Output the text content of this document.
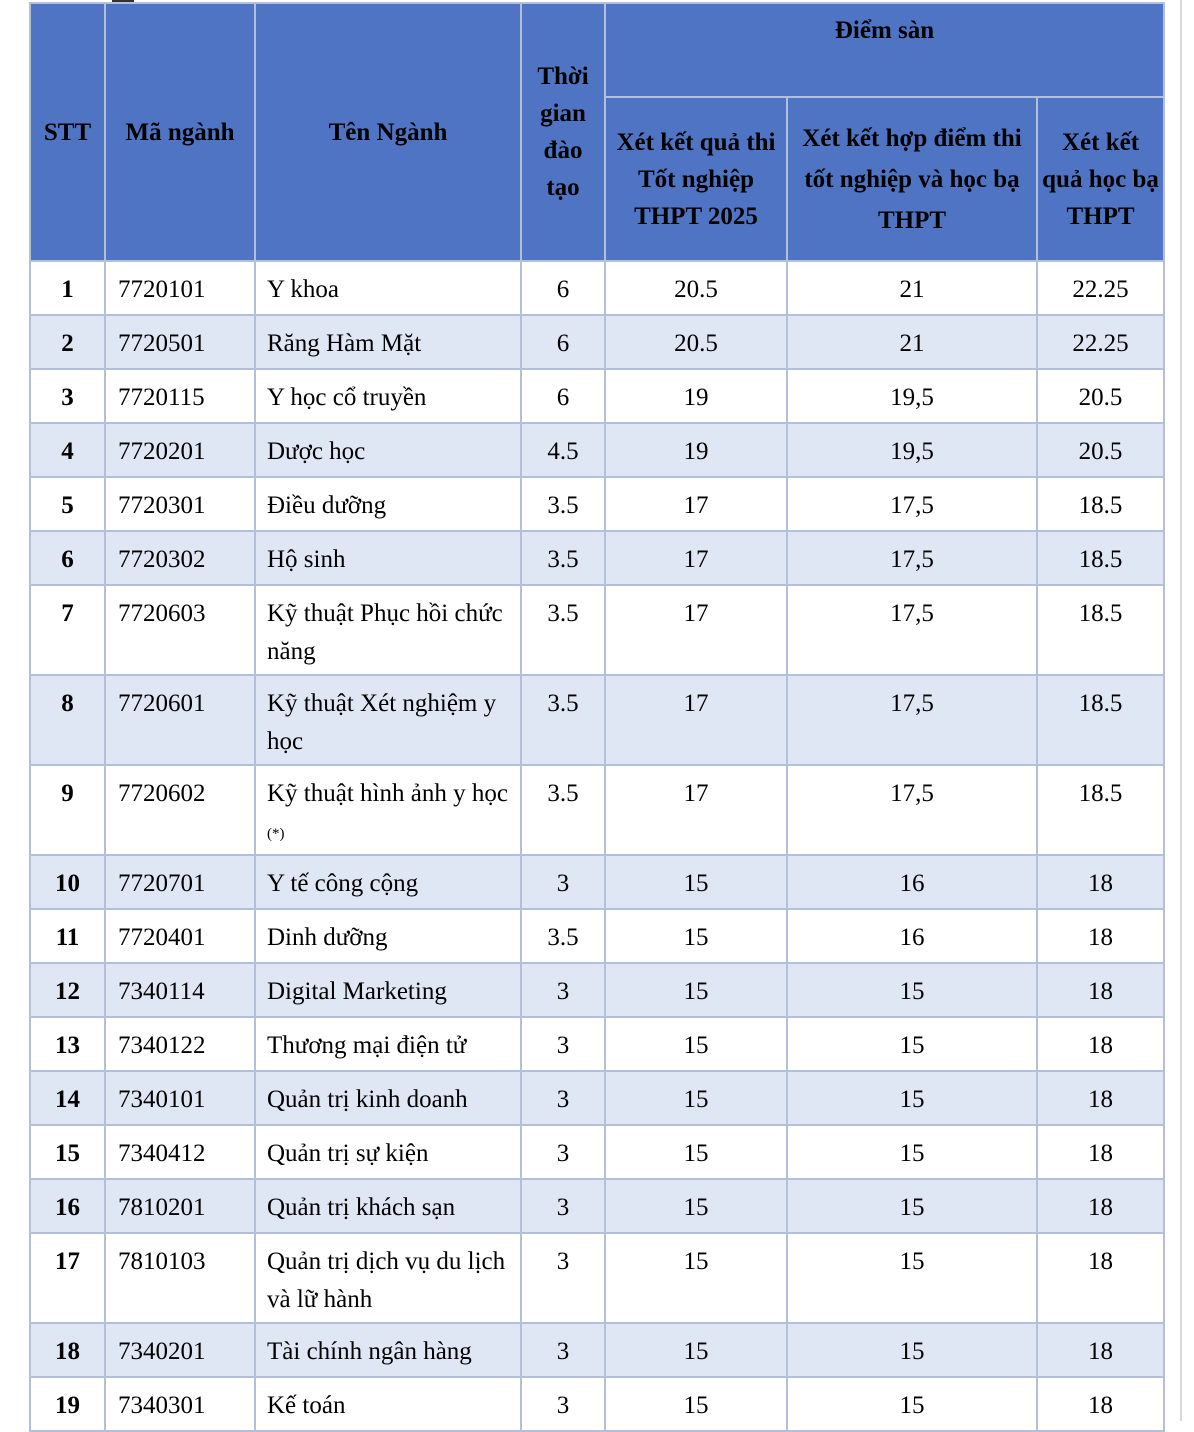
STT	Mã ngành	Tên Ngành	Thời gian đào tạo	Điểm sàn		
				Xét kết quả thi Tốt nghiệp THPT 2025	Xét kết hợp điểm thi tốt nghiệp và học bạ THPT	Xét kết quả học bạ THPT
1	7720101	Y khoa	6	20.5	21	22.25
2	7720501	Răng Hàm Mặt	6	20.5	21	22.25
3	7720115	Y học cổ truyền	6	19	19,5	20.5
4	7720201	Dược học	4.5	19	19,5	20.5
5	7720301	Điều dưỡng	3.5	17	17,5	18.5
6	7720302	Hộ sinh	3.5	17	17,5	18.5
7	7720603	Kỹ thuật Phục hồi chức năng	3.5	17	17,5	18.5
8	7720601	Kỹ thuật Xét nghiệm y học	3.5	17	17,5	18.5
9	7720602	Kỹ thuật hình ảnh y học (*)	3.5	17	17,5	18.5
10	7720701	Y tế công cộng	3	15	16	18
11	7720401	Dinh dưỡng	3.5	15	16	18
12	7340114	Digital Marketing	3	15	15	18
13	7340122	Thương mại điện tử	3	15	15	18
14	7340101	Quản trị kinh doanh	3	15	15	18
15	7340412	Quản trị sự kiện	3	15	15	18
16	7810201	Quản trị khách sạn	3	15	15	18
17	7810103	Quản trị dịch vụ du lịch và lữ hành	3	15	15	18
18	7340201	Tài chính ngân hàng	3	15	15	18
19	7340301	Kế toán	3	15	15	18
